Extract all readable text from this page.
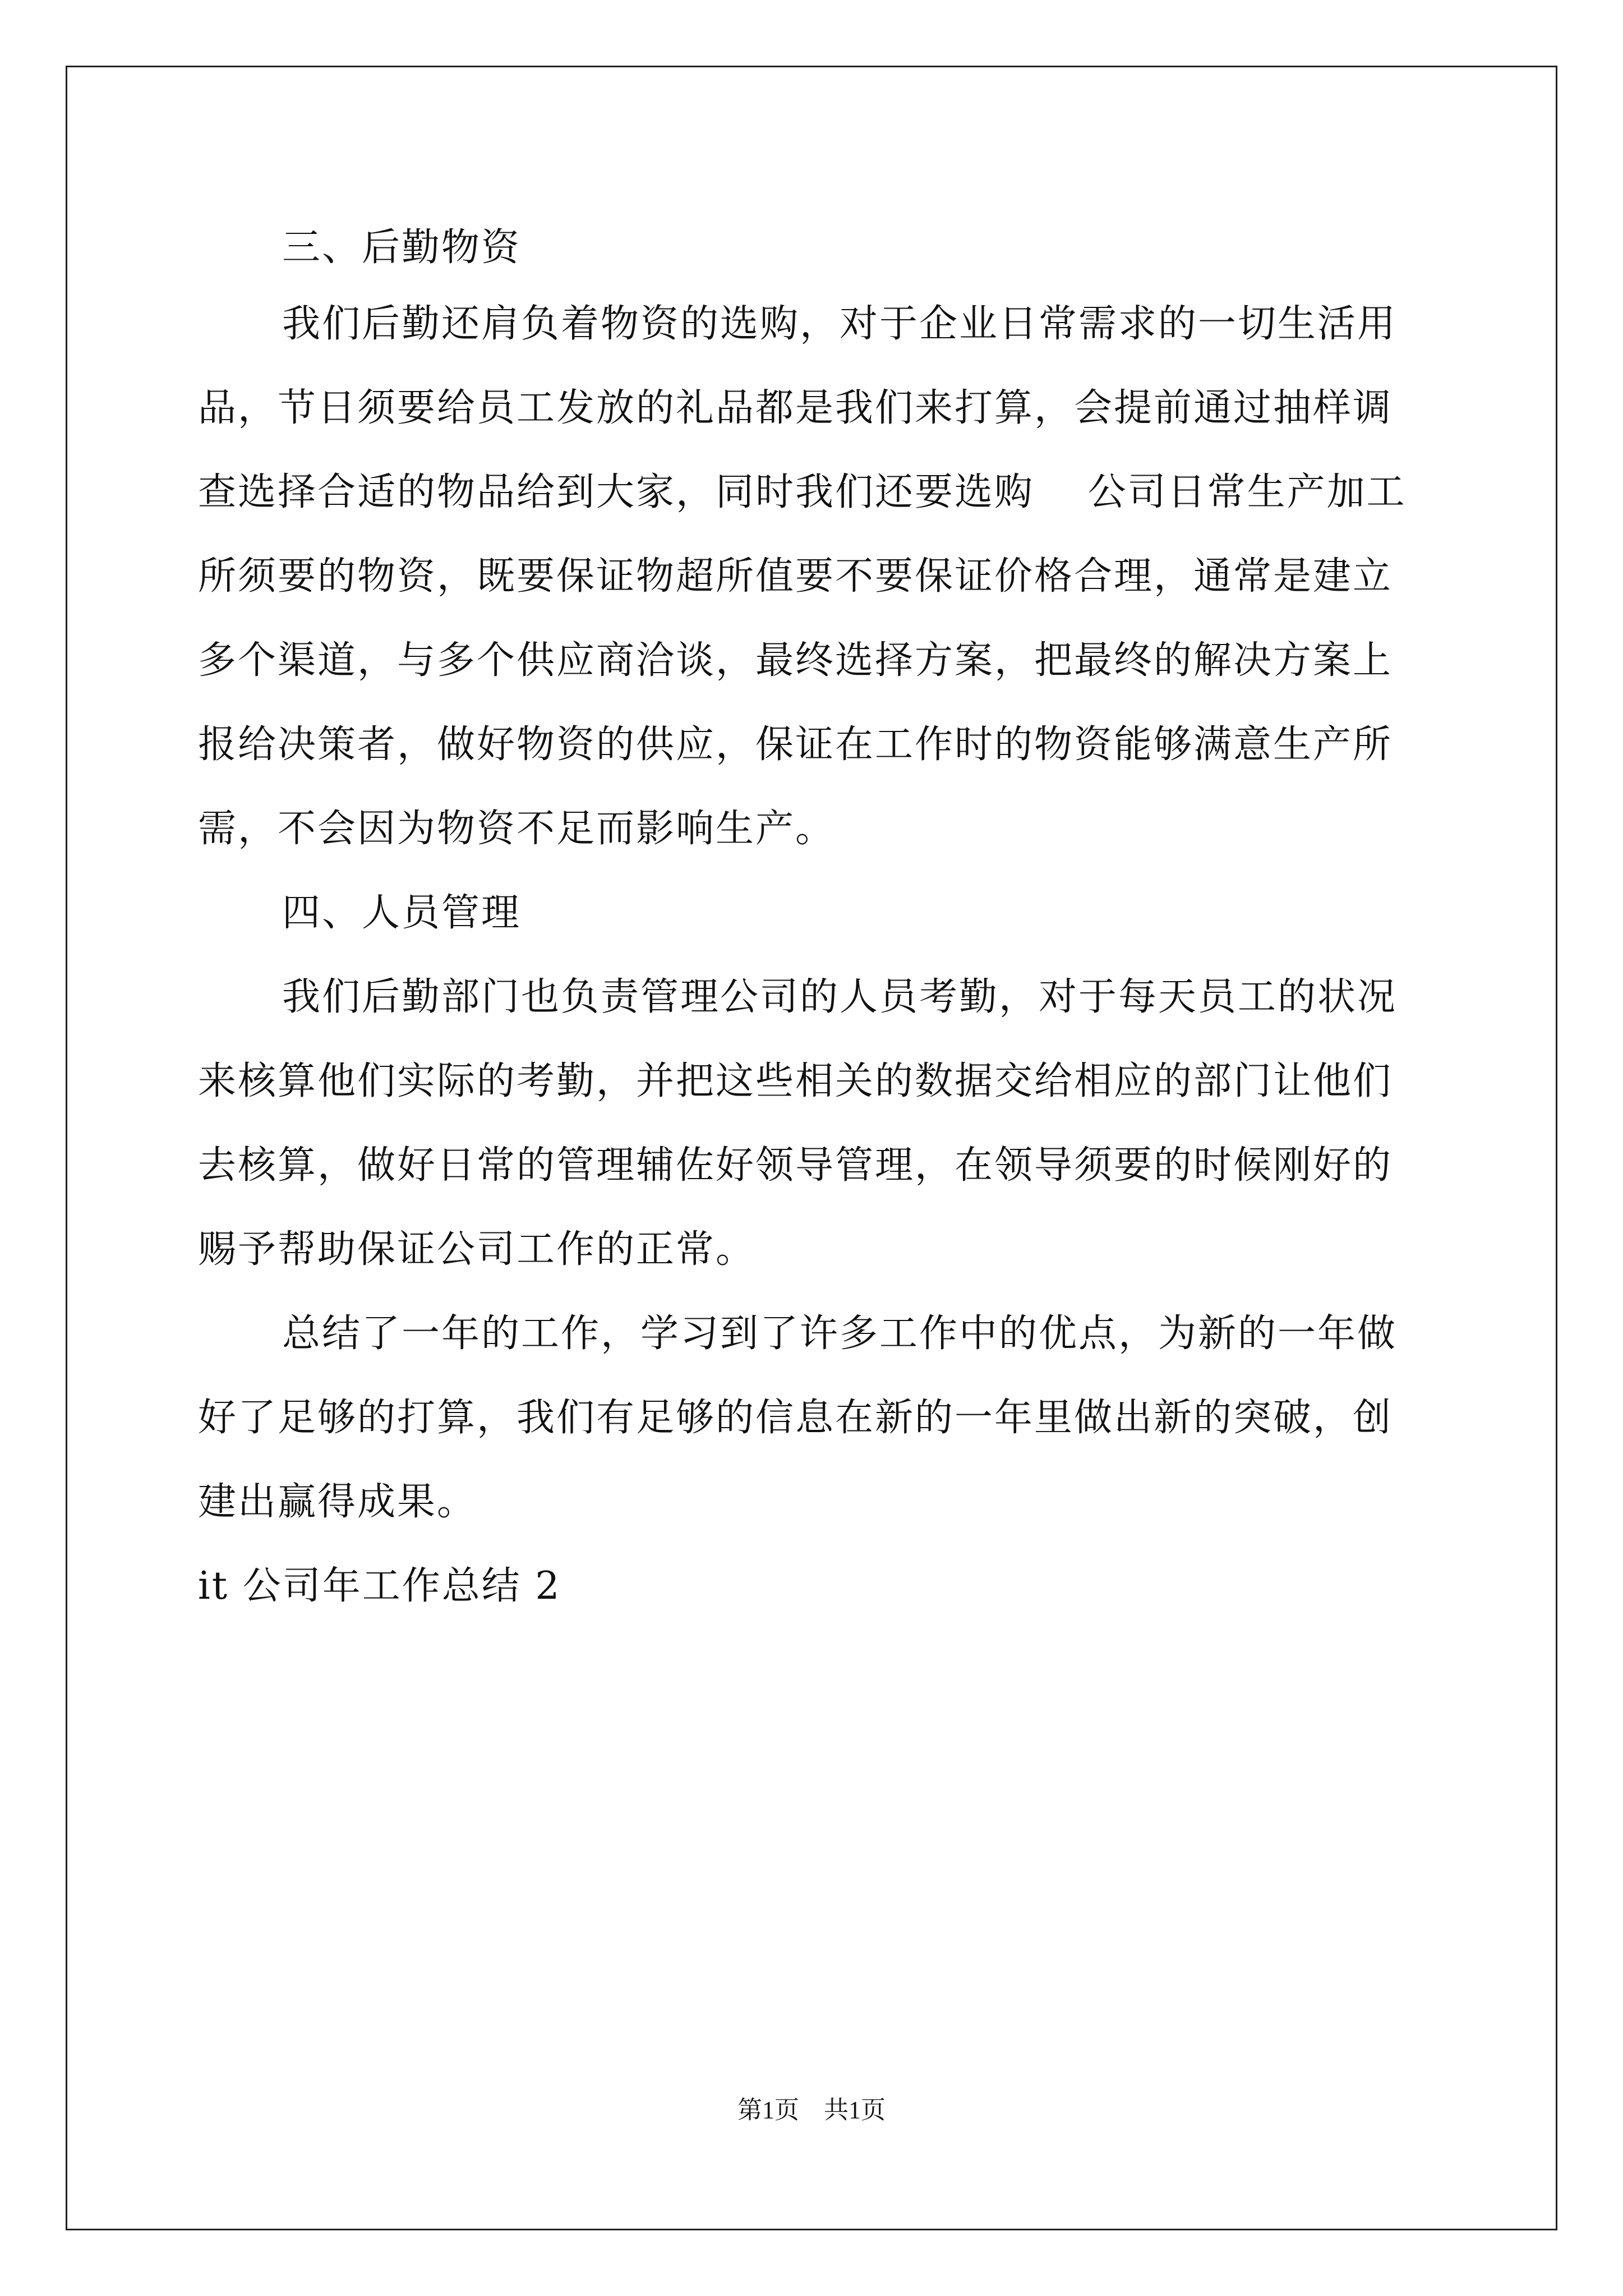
三、后勤物资
我们后勤还肩负着物资的选购，对于企业日常需求的一切生活用
品，节日须要给员工发放的礼品都是我们来打算，会提前通过抽样调
查选择合适的物品给到大家，同时我们还要选购　 公司日常生产加工
所须要的物资，既要保证物超所值要不要保证价格合理，通常是建立
多个渠道，与多个供应商洽谈，最终选择方案，把最终的解决方案上
报给决策者，做好物资的供应，保证在工作时的物资能够满意生产所
需，不会因为物资不足而影响生产。
四、人员管理
我们后勤部门也负责管理公司的人员考勤，对于每天员工的状况
来核算他们实际的考勤，并把这些相关的数据交给相应的部门让他们
去核算，做好日常的管理辅佐好领导管理，在领导须要的时候刚好的
赐予帮助保证公司工作的正常。
总结了一年的工作，学习到了许多工作中的优点，为新的一年做
好了足够的打算，我们有足够的信息在新的一年里做出新的突破，创
建出赢得成果。
it 公司年工作总结 2
第1页　共1页
